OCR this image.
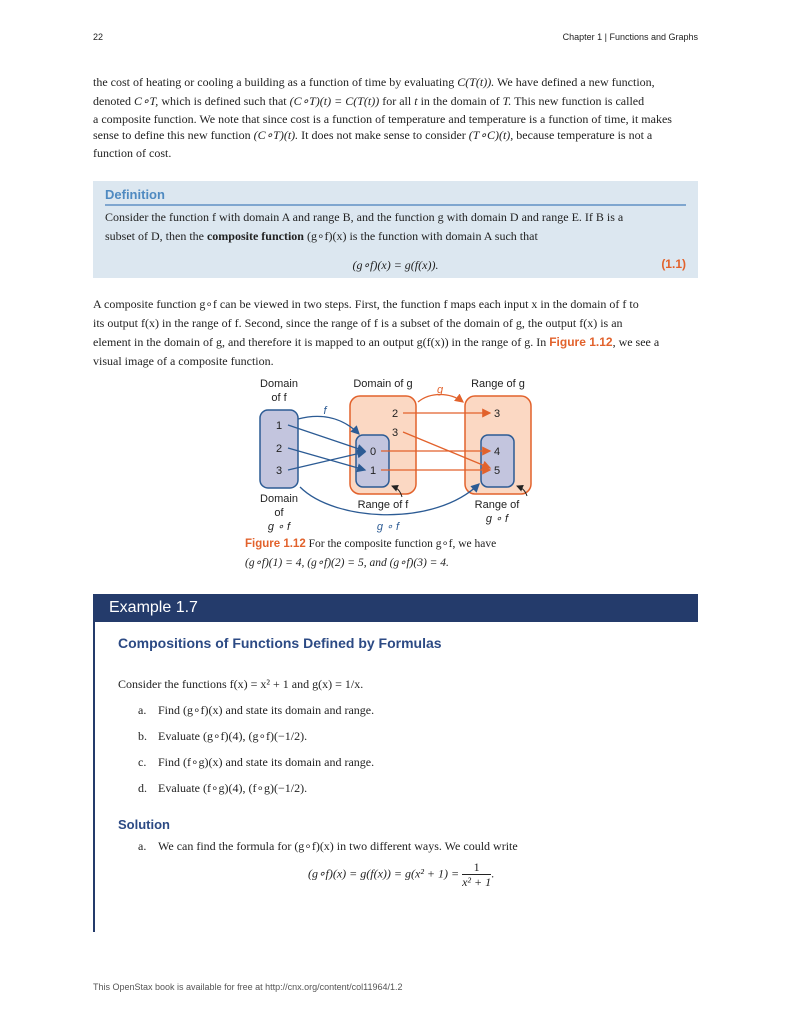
22	Chapter 1 | Functions and Graphs

the cost of heating or cooling a building as a function of time by evaluating C(T(t)). We have defined a new function,

denoted C∘T, which is defined such that (C∘T)(t) = C(T(t)) for all t in the domain of T. This new function is called

a composite function. We note that since cost is a function of temperature and temperature is a function of time, it makes

sense to define this new function (C∘T)(t). It does not make sense to consider (T∘C)(t), because temperature is not a

function of cost.

Definition
Consider the function f with domain A and range B, and the function g with domain D and range E. If B is a
subset of D, then the composite function (g∘f)(x) is the function with domain A such that
(g∘f)(x) = g(f(x)).	(1.1)

A composite function g∘f can be viewed in two steps. First, the function f maps each input x in the domain of f to

its output f(x) in the range of f. Second, since the range of f is a subset of the domain of g, the output f(x) is an

element in the domain of g, and therefore it is mapped to an output g(f(x)) in the range of g. In Figure 1.12, we see a

visual image of a composite function.

Domain
of f
Domain of g	Range of g
g
f
1
2
3
2
3
0
1
3
4
5
Domain
of
g ∘ f
Range of f	Range of
g ∘ f
g ∘ f
Figure 1.12 For the composite function g∘f, we have
(g∘f)(1) = 4, (g∘f)(2) = 5, and (g∘f)(3) = 4.
Example 1.7
Compositions of Functions Defined by Formulas
Consider the functions f(x) = x² + 1 and g(x) = 1/x.
a. Find (g∘f)(x) and state its domain and range.
b. Evaluate (g∘f)(4), (g∘f)(−1/2).
c. Find (f∘g)(x) and state its domain and range.
d. Evaluate (f∘g)(4), (f∘g)(−1/2).
Solution
a. We can find the formula for (g∘f)(x) in two different ways. We could write
(g∘f)(x) = $g(f(x)) = g(x^2 + 1) = \frac{1}{\text{x² + 1}}$ .
This OpenStax book is available for free at http://cnx.org/content/col11964/1.2
